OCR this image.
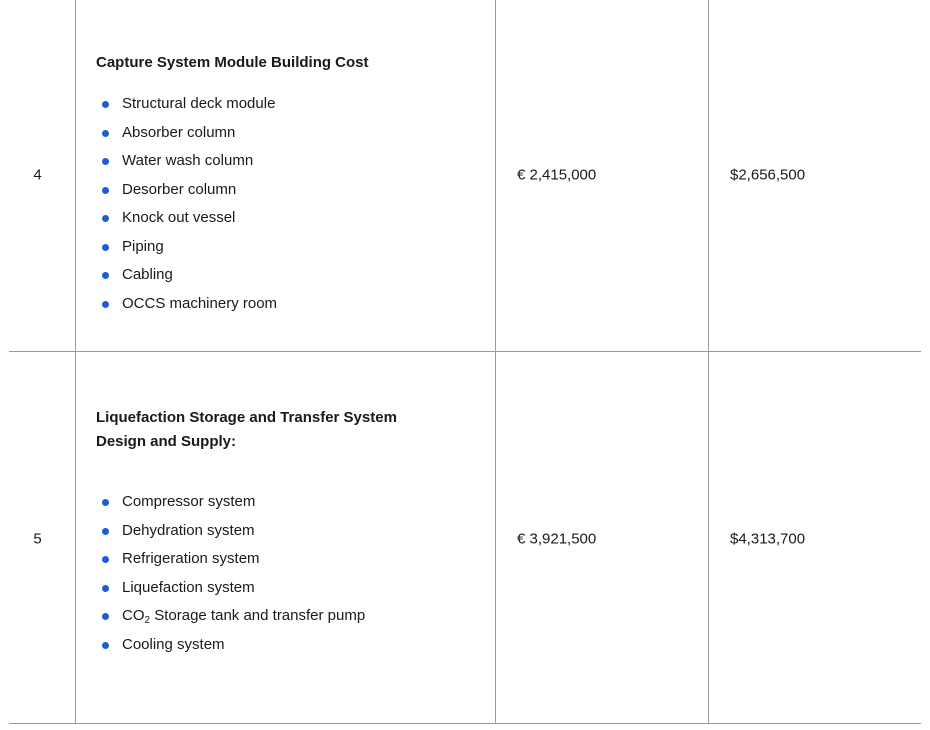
4

Capture System Module Building Cost

Structural deck module
Absorber column
Water wash column
Desorber column
Knock out vessel
Piping
Cabling
OCCS machinery room
€ 2,415,000	$2,656,500
5

Liquefaction Storage and Transfer System

Design and Supply:

Compressor system
Dehydration system
Refrigeration system
Liquefaction system
$CO_2$ Storage tank and transfer pump
Cooling system
€ 3,921,500	$4,313,700
